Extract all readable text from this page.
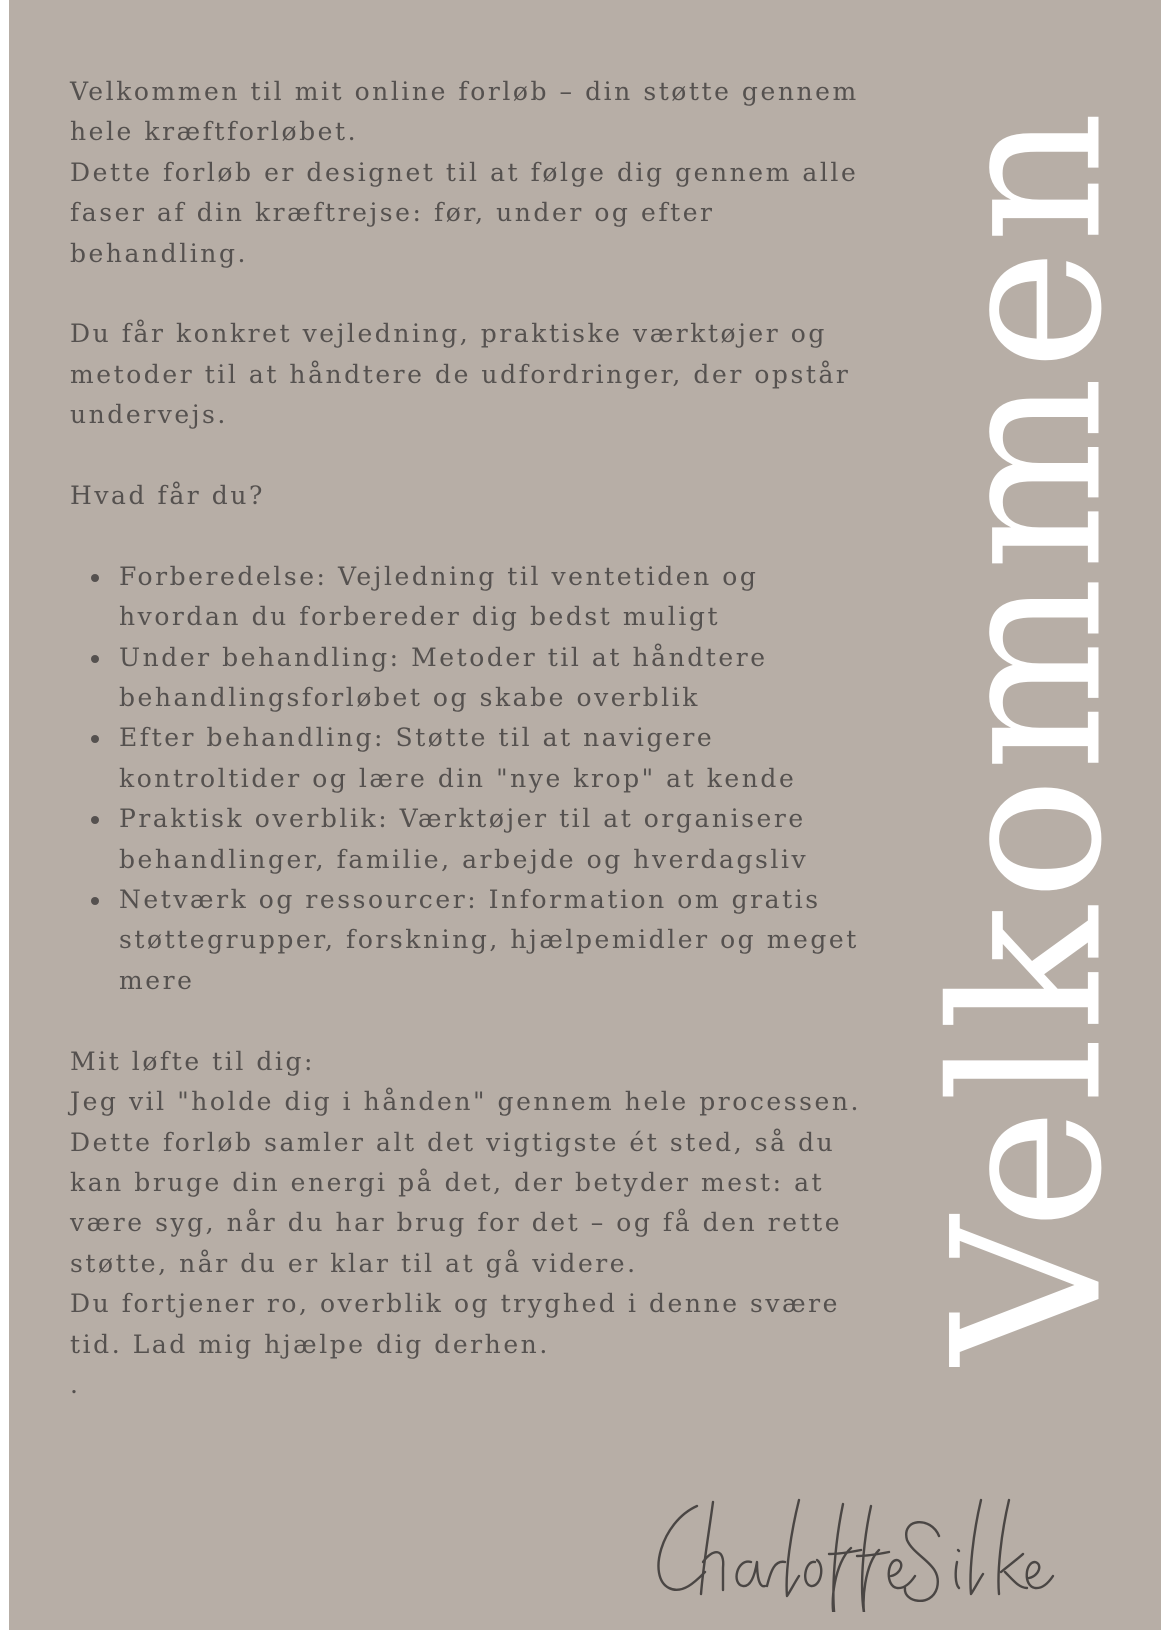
Velkommen til mit online forløb – din støtte gennem hele kræftforløbet.

Dette forløb er designet til at følge dig gennem alle faser af din kræftrejse: før, under og efter behandling.

Du får konkret vejledning, praktiske værktøjer og metoder til at håndtere de udfordringer, der opstår undervejs.

Hvad får du?

Forberedelse: Vejledning til ventetiden og hvordan du forbereder dig bedst muligt
Under behandling: Metoder til at håndtere behandlingsforløbet og skabe overblik
Efter behandling: Støtte til at navigere kontroltider og lære din "nye krop" at kende
Praktisk overblik: Værktøjer til at organisere behandlinger, familie, arbejde og hverdagsliv
Netværk og ressourcer: Information om gratis støttegrupper, forskning, hjælpemidler og meget mere

Mit løfte til dig:

Jeg vil "holde dig i hånden" gennem hele processen. Dette forløb samler alt det vigtigste ét sted, så du kan bruge din energi på det, der betyder mest: at være syg, når du har brug for det – og få den rette støtte, når du er klar til at gå videre.

Du fortjener ro, overblik og tryghed i denne svære tid. Lad mig hjælpe dig derhen.

.

Velkommen
